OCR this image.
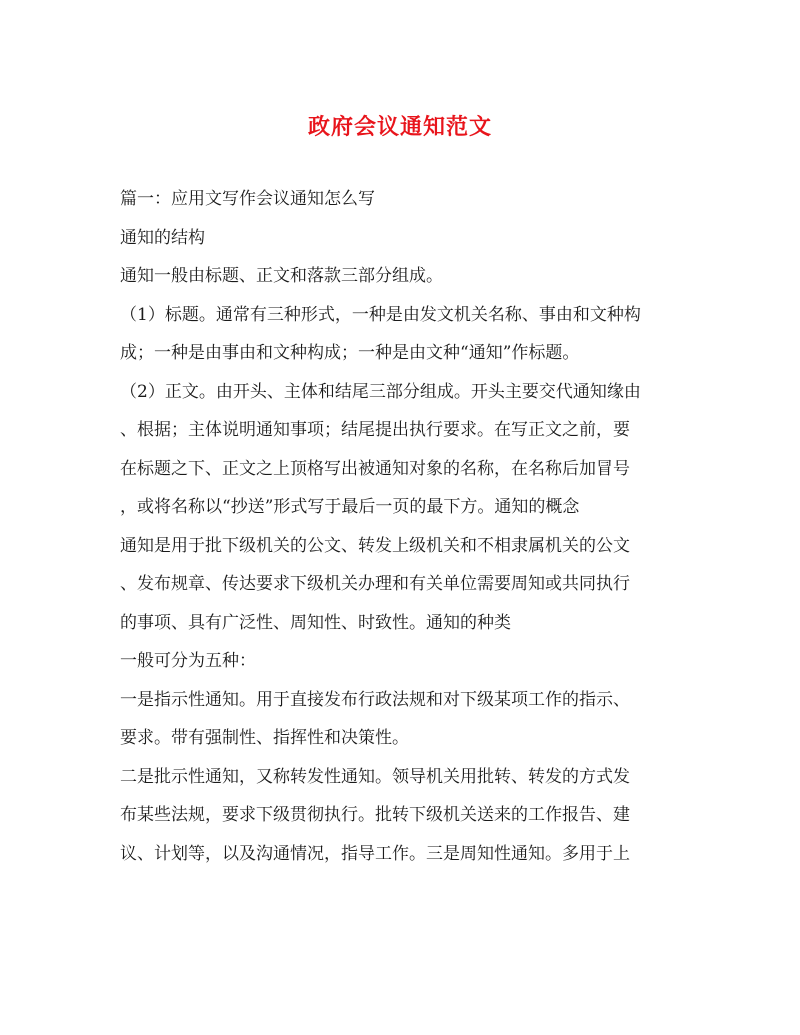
政府会议通知范文

篇一：应用文写作会议通知怎么写

通知的结构

通知一般由标题、正文和落款三部分组成。

（1）标题。通常有三种形式，一种是由发文机关名称、事由和文种构

成；一种是由事由和文种构成；一种是由文种“通知”作标题。

（2）正文。由开头、主体和结尾三部分组成。开头主要交代通知缘由

、根据；主体说明通知事项；结尾提出执行要求。在写正文之前，要

在标题之下、正文之上顶格写出被通知对象的名称，在名称后加冒号

，或将名称以“抄送”形式写于最后一页的最下方。通知的概念

通知是用于批下级机关的公文、转发上级机关和不相隶属机关的公文

、发布规章、传达要求下级机关办理和有关单位需要周知或共同执行

的事项、具有广泛性、周知性、时致性。通知的种类

一般可分为五种：

一是指示性通知。用于直接发布行政法规和对下级某项工作的指示、

要求。带有强制性、指挥性和决策性。

二是批示性通知，又称转发性通知。领导机关用批转、转发的方式发

布某些法规，要求下级贯彻执行。批转下级机关送来的工作报告、建

议、计划等，以及沟通情况，指导工作。三是周知性通知。多用于上
